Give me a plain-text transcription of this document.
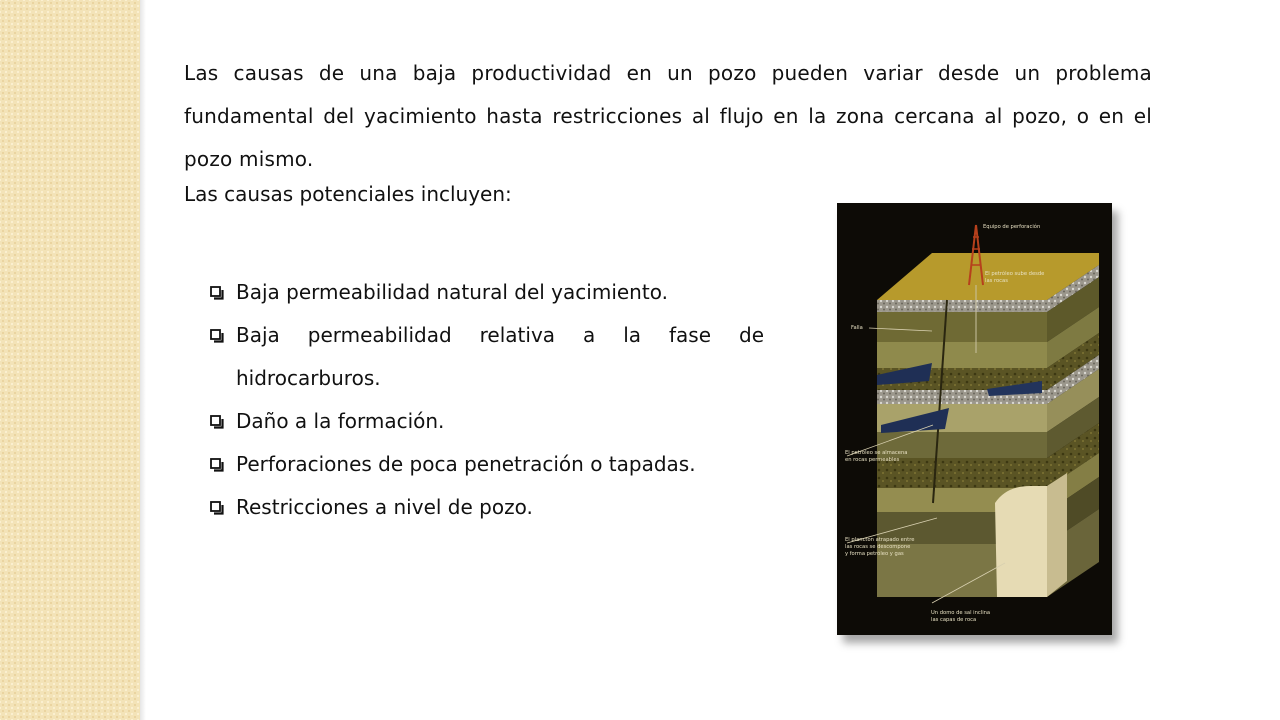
Las causas de una baja productividad en un pozo pueden variar desde un problema fundamental del yacimiento hasta restricciones al flujo en la zona cercana al pozo, o en el pozo mismo.

Las causas potenciales incluyen:

Baja permeabilidad natural del yacimiento.
Baja permeabilidad relativa a la fase de hidrocarburos.
Daño a la formación.
Perforaciones de poca penetración o tapadas.
Restricciones a nivel de pozo.
Equipo de perforación
El petróleo sube desde
las rocas
Falla
El petróleo se almacena
en rocas permeables
El plancton atrapado entre
las rocas se descompone
y forma petróleo y gas
Un domo de sal inclina
las capas de roca
